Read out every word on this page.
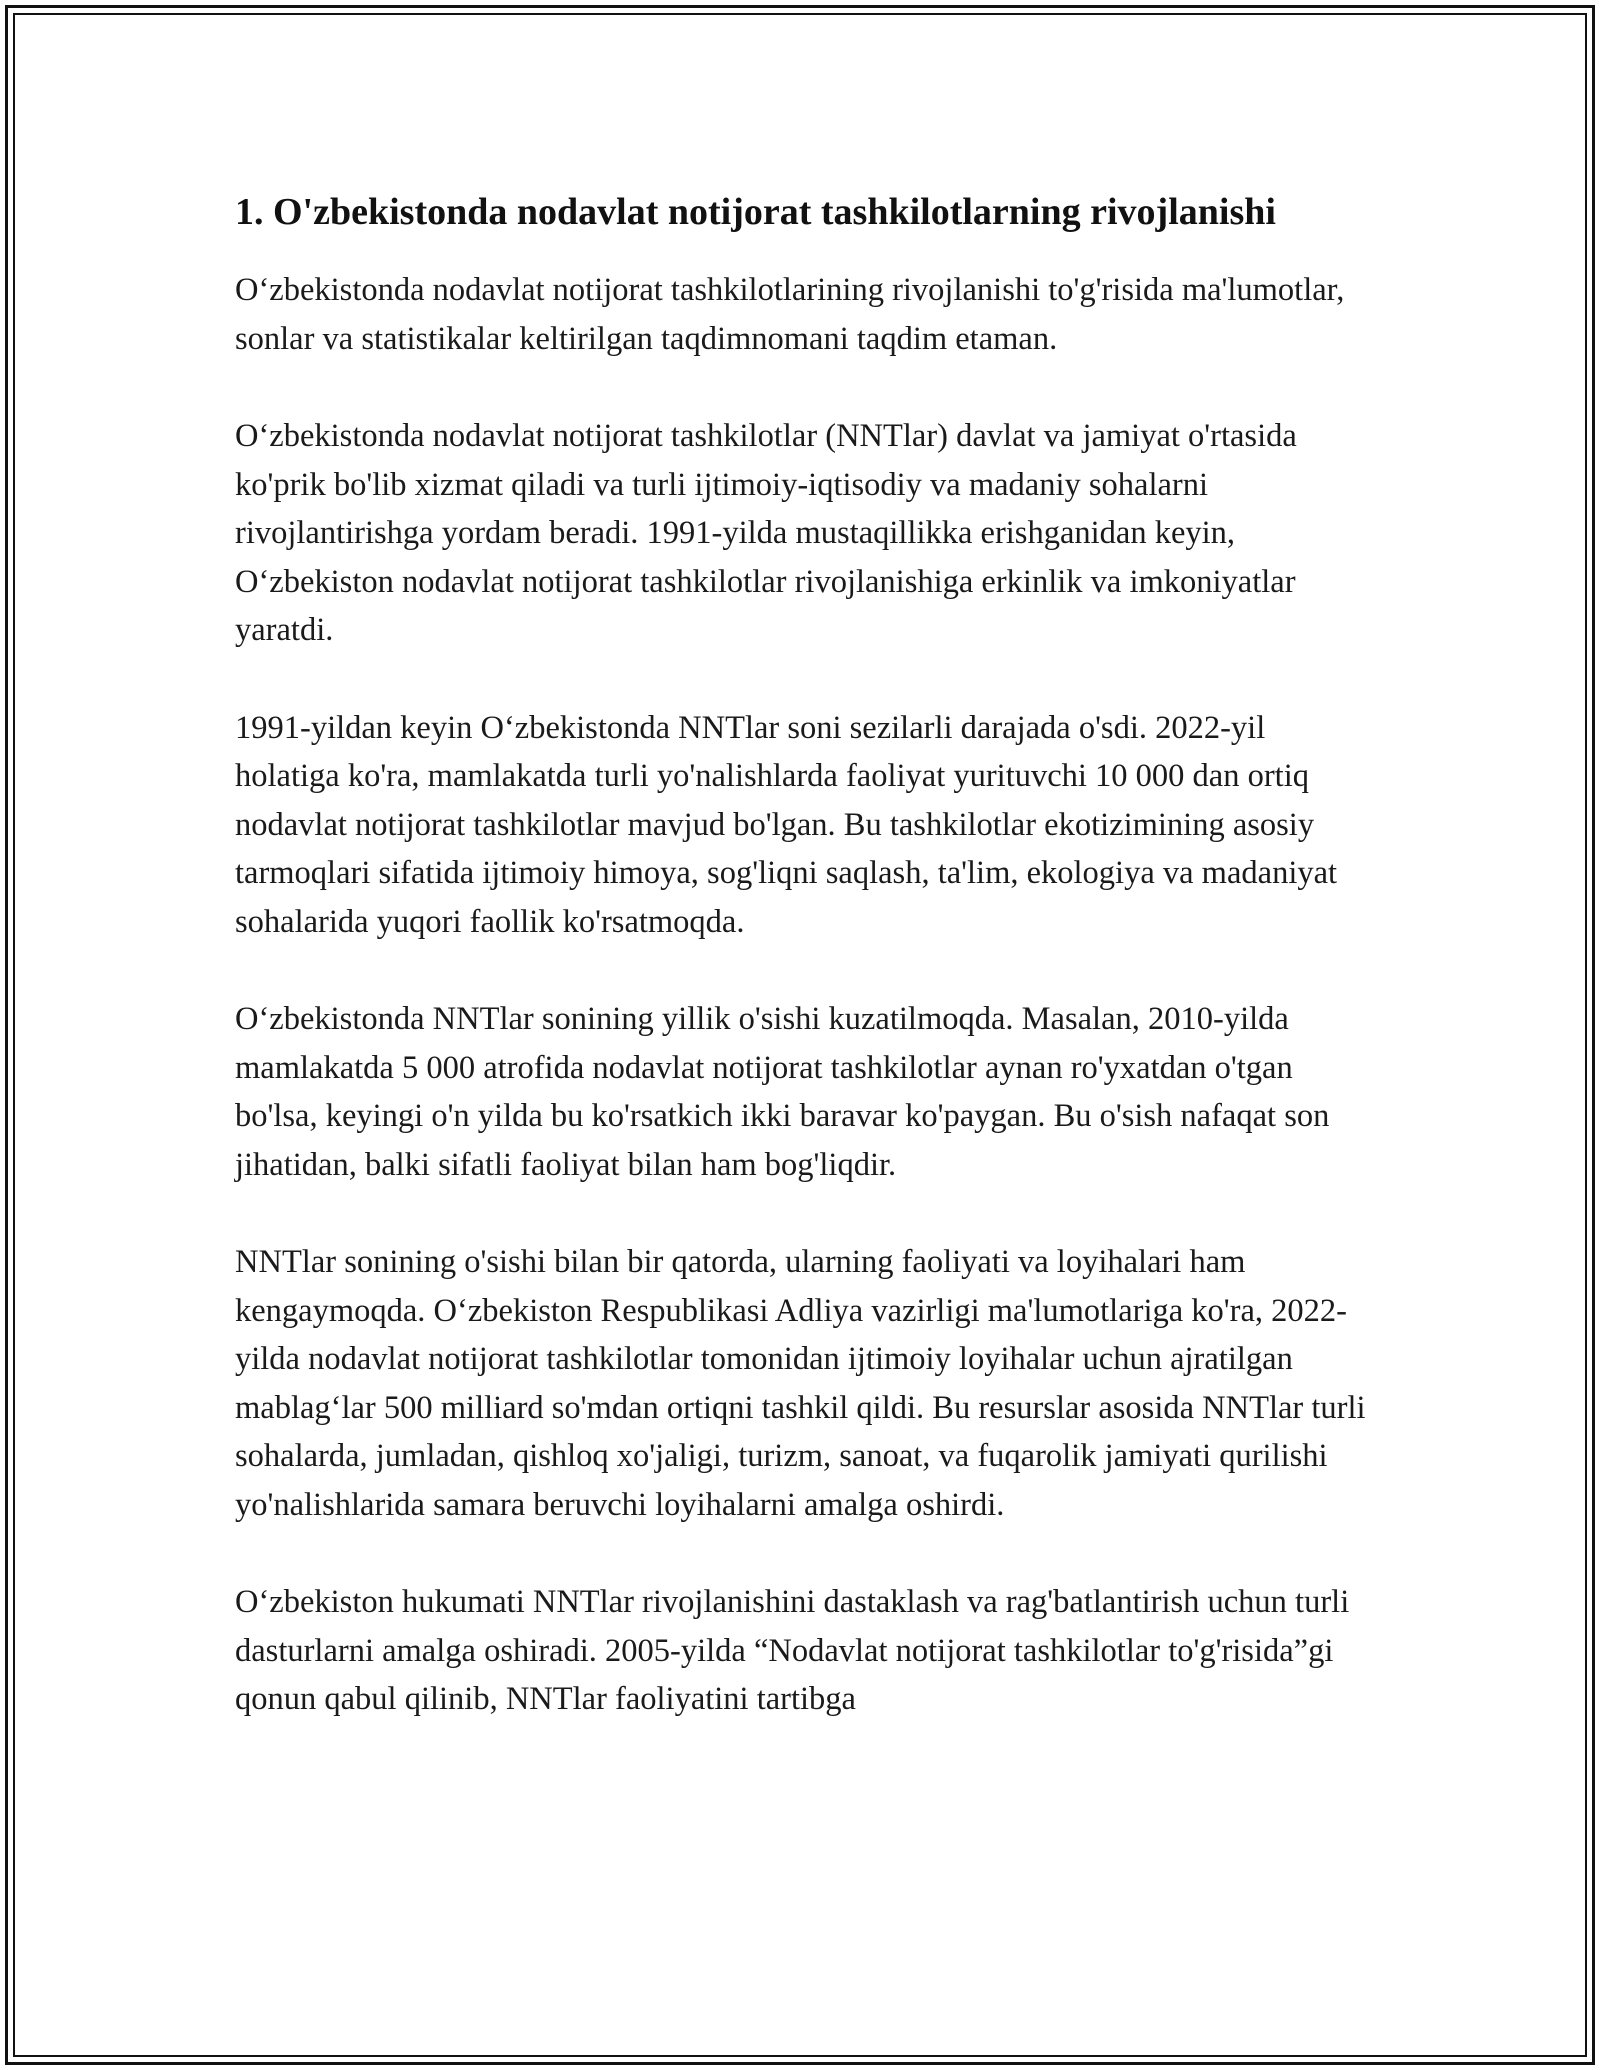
1. O'zbekistonda nodavlat notijorat tashkilotlarning rivojlanishi

O‘zbekistonda nodavlat notijorat tashkilotlarining rivojlanishi to'g'risida ma'lumotlar, sonlar va statistikalar keltirilgan taqdimnomani taqdim etaman.

O‘zbekistonda nodavlat notijorat tashkilotlar (NNTlar) davlat va jamiyat o'rtasida ko'prik bo'lib xizmat qiladi va turli ijtimoiy-iqtisodiy va madaniy sohalarni rivojlantirishga yordam beradi. 1991-yilda mustaqillikka erishganidan keyin, O‘zbekiston nodavlat notijorat tashkilotlar rivojlanishiga erkinlik va imkoniyatlar yaratdi.

1991-yildan keyin O‘zbekistonda NNTlar soni sezilarli darajada o'sdi. 2022-yil holatiga ko'ra, mamlakatda turli yo'nalishlarda faoliyat yurituvchi 10 000 dan ortiq nodavlat notijorat tashkilotlar mavjud bo'lgan. Bu tashkilotlar ekotizimining asosiy tarmoqlari sifatida ijtimoiy himoya, sog'liqni saqlash, ta'lim, ekologiya va madaniyat sohalarida yuqori faollik ko'rsatmoqda.

O‘zbekistonda NNTlar sonining yillik o'sishi kuzatilmoqda. Masalan, 2010-yilda mamlakatda 5 000 atrofida nodavlat notijorat tashkilotlar aynan ro'yxatdan o'tgan bo'lsa, keyingi o'n yilda bu ko'rsatkich ikki baravar ko'paygan. Bu o'sish nafaqat son jihatidan, balki sifatli faoliyat bilan ham bog'liqdir.

NNTlar sonining o'sishi bilan bir qatorda, ularning faoliyati va loyihalari ham kengaymoqda. O‘zbekiston Respublikasi Adliya vazirligi ma'lumotlariga ko'ra, 2022-yilda nodavlat notijorat tashkilotlar tomonidan ijtimoiy loyihalar uchun ajratilgan mablag‘lar 500 milliard so'mdan ortiqni tashkil qildi. Bu resurslar asosida NNTlar turli sohalarda, jumladan, qishloq xo'jaligi, turizm, sanoat, va fuqarolik jamiyati qurilishi yo'nalishlarida samara beruvchi loyihalarni amalga oshirdi.

O‘zbekiston hukumati NNTlar rivojlanishini dastaklash va rag'batlantirish uchun turli dasturlarni amalga oshiradi. 2005-yilda “Nodavlat notijorat tashkilotlar to'g'risida”gi qonun qabul qilinib, NNTlar faoliyatini tartibga
